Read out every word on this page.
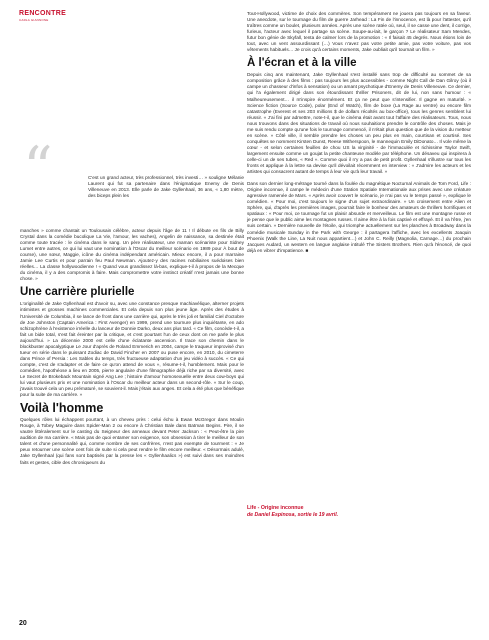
RENCONTRE
CARLA GIANNONE
“	C'est un grand acteur, très professionnel, très investi… » souligne Mélanie Laurent qui fut sa partenaire dans l'énigmatique Enemy de Denis Villeneuve en 2013. Elle parle de Jake Gyllenhaal, 36 ans, « 1,80 mètre, des biceps plein les

manches » comme chantait un Toulousain célèbre, acteur depuis l'âge de 11 ! Il débute en fils de Billy Crystal dans la comédie bucolique La Vie, l'amour, les vaches), Angelin de naissance, sa destinée était comme toute tracée : le cinéma dans le sang. Un père réalisateur, une maman scénariste pour Sidney Lumet entre autres, ce qui lui vaut une nomination à l'Oscar du meilleur scénario en 1989 pour À bout de course), une sœur, Maggie, icône du cinéma indépendant américain. Mieux encore, il a pour marraine Jamie Lee Curtis et pour parrain feu Paul Newman. Ajoutez-y des racines nobiliaires suédoises bien réelles… La classe hollywoodienne ! « Quand vous grandissez là-bas, explique-t-il à propos de la Mecque du cinéma, il y a des compromis à faire. Mais compromettre votre instinct créatif n'est jamais une bonne chose. »

Une carrière plurielle

L'originalité de Jake Gyllenhaal est d'avoir su, avec une constance presque machiavélique, alterner projets intimistes et grosses machines commerciales. Et cela depuis son plus jeune âge. Après des études à l'Université de Columbia, il se lance de front dans une carrière qui, après le très joli et familial Ciel d'octobre de Joe Johnston (Captain America : First Avenger) en 1999, prend une tournure plus inquiétante, en ado schizophrène à l'existence irréelle du lanceur de Donnie Darko, deux ans plus tard. « Ce film, concède-t-il, a fait un bide total, s'est fait éreinter par la critique, et c'est pourtant l'un de ceux dont on me parle le plus aujourd'hui. » La décennie 2000 est celle d'une éclatante ascension. Il trace son chemin dans le blockbuster apocalyptique Le Jour d'après de Roland Emmerich en 2004, campe le traqueur improvisé d'un tueur en série dans le puissant Zodiac de David Fincher en 2007 ou puse encore, en 2010, du cimeterre dans Prince of Persia : Les Sables du temps, très fructueuse adaptation d'un jeu vidéo à succès. « Ce qui compte, c'est de s'adapter et de faire ce qu'on attend de vous », résume-t-il, humblement. Mais pour le comédien, l'apothéose a lieu en 2005, pierre angulaire d'une filmographie déjà riche par sa diversité, avec Le Secret de Brokeback Mountain signé Ang Lee ; histoire d'amour homosexuelle entre deux cow-boys qui lui vaut plusieurs prix et une nomination à l'Oscar du meilleur acteur dans un second-rôle. « Sur le coup, j'avais trouvé cela un peu prématuré, se souvient-il. Mais j'étais aux anges. Et cela a été plus que bénéfique pour la suite de ma carrière. »

Voilà l'homme

Quelques rôles lui échappent pourtant, à un cheveu près : celui échu à Ewan McGregor dans Moulin Rouge, à Tobey Maguire dans Spider-Man 2 ou encore à Christian Bale dans Batman Begins. Pire, il se vautre littéralement sur le casting du Seigneur des anneaux devant Peter Jackson : « Peut-être la pire audition de ma carrière. « Mais pas de quoi entamer son exigence, son obsession à tirer le meilleur de son talent et d'une personnalité qui, comme nombre de ses confrères, n'est pas exempte de tourment : « Je peux retourner une scène cent fois de suite si cela peut rendre le film encore meilleur. « Désormais adulé, Jake Gyllenhaal (qui fans sont baptisés par la presse les « Gyllenhaalics ») est suivi dans ses moindres faits et gestes, cible des chroniqueurs du

Tout-Hollywood, victime de choix des commères. Son tempérament ne jouera pas toujours en sa faveur. Une anecdote, sur le tournage du film de guerre Jarhead : La Fin de l'innocence, est là pour l'attester, qu'il traîtres comme un boulet, plusieurs années. Après une scène ratée où, seul, il se casse une dent, il corrige, furieux, l'acteur avec lequel il partage sa scène. Soupe-au-lait, le garçon ? Le réalisateur Sam Mendes, futur bon génie de Skyfall, tenta de calmer lors de la promotion : « Il faisait 45 degrés. Nous étions loin de tout, avec un vent assourdissant (…) Vous n'avez pas votre petite amie, pas votre voiture, pas vos vêtements habituels… Je crois qu'à certains moments, Jake oubliait qu'il tournait un film. »

À l'écran et à la ville

Depuis cinq ans maintenant, Jake Gyllenhaal s'est installé sans trop de difficulté au sommet de sa composition grâce à des films : pas toujours les plus accessibles - comme Night Call de Dan Gilroy (où il campe un chasseur d'infos à sensation) ou un amant psychotique d'Enemy de Denis Villeneuve. Ce dernier, qui l'a également dirigé dans son étourdissant thriller Prisoners, dit de lui, non sans humour : « Malheureusement… il m'inspire énormément. Et ça ne peut que s'intensifier. Il gagne en maturité. » Science fiction (Source Code), polar (End of Watch), film de boxe (La Rage au ventre) ou encore film catastrophe (Everest et ses 203 millions $ de dollars récoltés au box-office), tous les genres semblent lui réussir. « J'ai fini par admettre, note-t-il, que le cinéma était avant tout l'affaire des réalisateurs. Tous, nous nous trouvons dans des situations de travail où nous souhaitions prendre le contrôle des choses. Mais je me suis rendu compte qu'une fois le tournage commencé, il n'était plus question que de la vision du metteur en scène. » Côté ville, il semble prendre les choses un peu plus en main, courtisan et courtisé. Ses conquêtes se nomment Kirsten Dunst, Reese Witherspoon, le mannequin Emily DiDonato… Il vole même la cœur - et selon certaines feuilles de chou US la virginité - de l'immaculée et richissime Taylor Swift, largement ensuite comme un goujat la petite chanteuse modèle par téléphone. Un désaveu qui inspirera à celle-ci un de ses tubes, « Red ». Comme quoi il n'y a pas de petit profit. Gyllenhaal s'illustre sur tous les fronts et applique à la lettre sa devise qu'il dévoilait récemment en interview : « J'admire les acteurs et les artistes qui consacrent autant de temps à leur vie qu'à leur travail. »

Dans son dernier long-métrage tourné dans la foulée du magnétique Nocturnal Animals de Tom Ford, Life : Origine inconnue, il campe le médecin d'une Station Spatiale Internationale aux prises avec une créature agressive ramenée de Mars. « Après avoir couvert le scénario, je n'ai pas vu le temps passé », explique le comédien. « Pour moi, c'est toujours le signe d'un sujet extraordinaire. » Un croisement entre Alien et Sphère, qui, d'après les premières images, pourrait faire le bonheur des amateurs de thrillers horrifiques et spatiaux : « Pour moi, ce tournage fut un plaisir absurde et merveilleux. Le film est une montagne russe et je pense que le public aime les montagnes russes. Il aime être à la fois captivé et effrayé. Et il va l'être, j'en suis certain. » Dernière nouvelle de l'étoile, qui triomphe actuellement sur les planches à Broadway dans la comédie musicale Sunday in the Park with George : il partagera l'affiche, avec les excellents Joaquin Phoenix (Walk the Line, La Nuit nous appartient…) et John C. Reilly (Magnolia, Carnage…) du prochain Jacques Audard, un western en langue anglaise intitulé The Sisters Brothers. Rien qu'à l'énoncé, de quoi déjà en vibrer d'impatience. ■

Life - Origine inconnue
de Daniel Espinosa, sortie le 19 avril.
20
